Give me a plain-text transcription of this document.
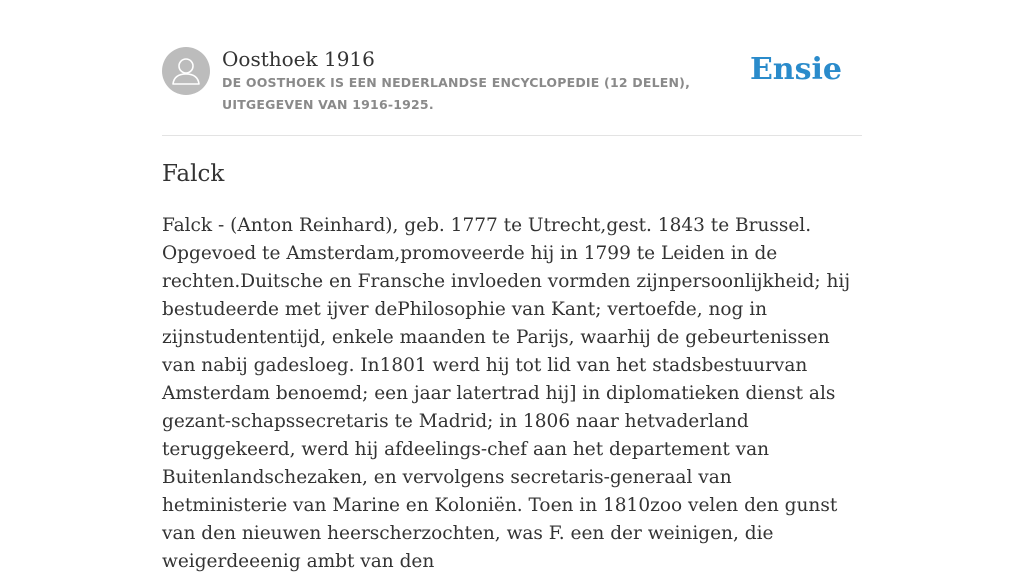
Oosthoek 1916
DE OOSTHOEK IS EEN NEDERLANDSE ENCYCLOPEDIE (12 DELEN), UITGEGEVEN VAN 1916-1925.
Ensie
Falck

Falck - (Anton Reinhard), geb. 1777 te Utrecht,gest. 1843 te Brussel. Opgevoed te Amsterdam,promoveerde hij in 1799 te Leiden in de rechten.Duitsche en Fransche invloeden vormden zijnpersoonlijkheid; hij bestudeerde met ijver dePhilosophie van Kant; vertoefde, nog in zijnstudententijd, enkele maanden te Parijs, waarhij de gebeurtenissen van nabij gadesloeg. In1801 werd hij tot lid van het stadsbestuurvan Amsterdam benoemd; een jaar latertrad hij] in diplomatieken dienst als gezant-schapssecretaris te Madrid; in 1806 naar hetvaderland teruggekeerd, werd hij afdeelings-chef aan het departement van Buitenlandschezaken, en vervolgens secretaris-generaal van hetministerie van Marine en Koloniën. Toen in 1810zoo velen den gunst van den nieuwen heerscherzochten, was F. een der weinigen, die weigerdeeenig ambt van den
